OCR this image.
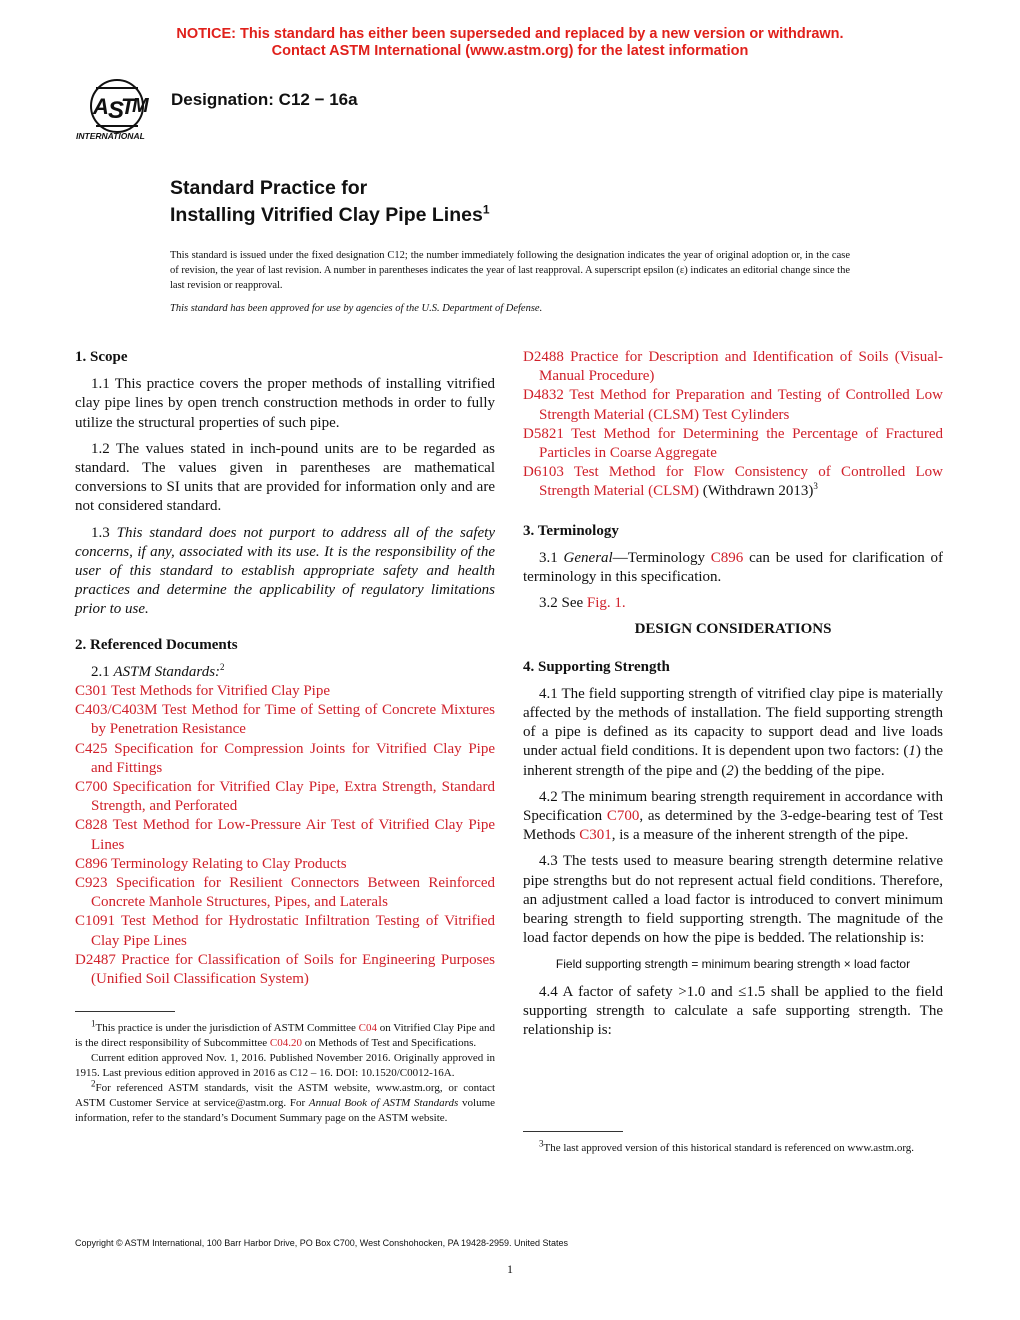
NOTICE: This standard has either been superseded and replaced by a new version or withdrawn.
Contact ASTM International (www.astm.org) for the latest information
A S
T
M
INTERNATIONAL
Designation: C12 − 16a
Standard Practice for
Installing Vitrified Clay Pipe Lines$^1$
This standard is issued under the fixed designation C12; the number immediately following the designation indicates the year of original adoption or, in the case of revision, the year of last revision. A number in parentheses indicates the year of last reapproval. A superscript epsilon (ε) indicates an editorial change since the last revision or reapproval.
This standard has been approved for use by agencies of the U.S. Department of Defense.
1. Scope

1.1 This practice covers the proper methods of installing vitrified clay pipe lines by open trench construction methods in order to fully utilize the structural properties of such pipe.

1.2 The values stated in inch-pound units are to be regarded as standard. The values given in parentheses are mathematical conversions to SI units that are provided for information only and are not considered standard.

1.3 This standard does not purport to address all of the safety concerns, if any, associated with its use. It is the responsibility of the user of this standard to establish appropriate safety and health practices and determine the applicability of regulatory limitations prior to use.

2. Referenced Documents

2.1 ASTM Standards:$^2$

C301 Test Methods for Vitrified Clay Pipe
C403/C403M Test Method for Time of Setting of Concrete Mixtures by Penetration Resistance
C425 Specification for Compression Joints for Vitrified Clay Pipe and Fittings
C700 Specification for Vitrified Clay Pipe, Extra Strength, Standard Strength, and Perforated
C828 Test Method for Low-Pressure Air Test of Vitrified Clay Pipe Lines
C896 Terminology Relating to Clay Products
C923 Specification for Resilient Connectors Between Reinforced Concrete Manhole Structures, Pipes, and Laterals
C1091 Test Method for Hydrostatic Infiltration Testing of Vitrified Clay Pipe Lines
D2487 Practice for Classification of Soils for Engineering Purposes (Unified Soil Classification System)

$^1$This practice is under the jurisdiction of ASTM Committee C04 on Vitrified Clay Pipe and is the direct responsibility of Subcommittee C04.20 on Methods of Test and Specifications.

Current edition approved Nov. 1, 2016. Published November 2016. Originally approved in 1915. Last previous edition approved in 2016 as C12 – 16. DOI: 10.1520/C0012-16A.

$^2$For referenced ASTM standards, visit the ASTM website, www.astm.org, or contact ASTM Customer Service at service@astm.org. For Annual Book of ASTM Standards volume information, refer to the standard’s Document Summary page on the ASTM website.

D2488 Practice for Description and Identification of Soils (Visual-Manual Procedure)
D4832 Test Method for Preparation and Testing of Controlled Low Strength Material (CLSM) Test Cylinders
D5821 Test Method for Determining the Percentage of Fractured Particles in Coarse Aggregate
D6103 Test Method for Flow Consistency of Controlled Low Strength Material (CLSM) (Withdrawn 2013)$^3$
3. Terminology

3.1 General—Terminology C896 can be used for clarification of terminology in this specification.

3.2 See Fig. 1.

DESIGN CONSIDERATIONS
4. Supporting Strength

4.1 The field supporting strength of vitrified clay pipe is materially affected by the methods of installation. The field supporting strength of a pipe is defined as its capacity to support dead and live loads under actual field conditions. It is dependent upon two factors: (1) the inherent strength of the pipe and (2) the bedding of the pipe.

4.2 The minimum bearing strength requirement in accordance with Specification C700, as determined by the 3-edge-bearing test of Test Methods C301, is a measure of the inherent strength of the pipe.

4.3 The tests used to measure bearing strength determine relative pipe strengths but do not represent actual field conditions. Therefore, an adjustment called a load factor is introduced to convert minimum bearing strength to field supporting strength. The magnitude of the load factor depends on how the pipe is bedded. The relationship is:

Field supporting strength = minimum bearing strength × load factor

4.4 A factor of safety >1.0 and ≤1.5 shall be applied to the field supporting strength to calculate a safe supporting strength. The relationship is:

$^3$The last approved version of this historical standard is referenced on www.astm.org.

Copyright © ASTM International, 100 Barr Harbor Drive, PO Box C700, West Conshohocken, PA 19428-2959. United States
1
